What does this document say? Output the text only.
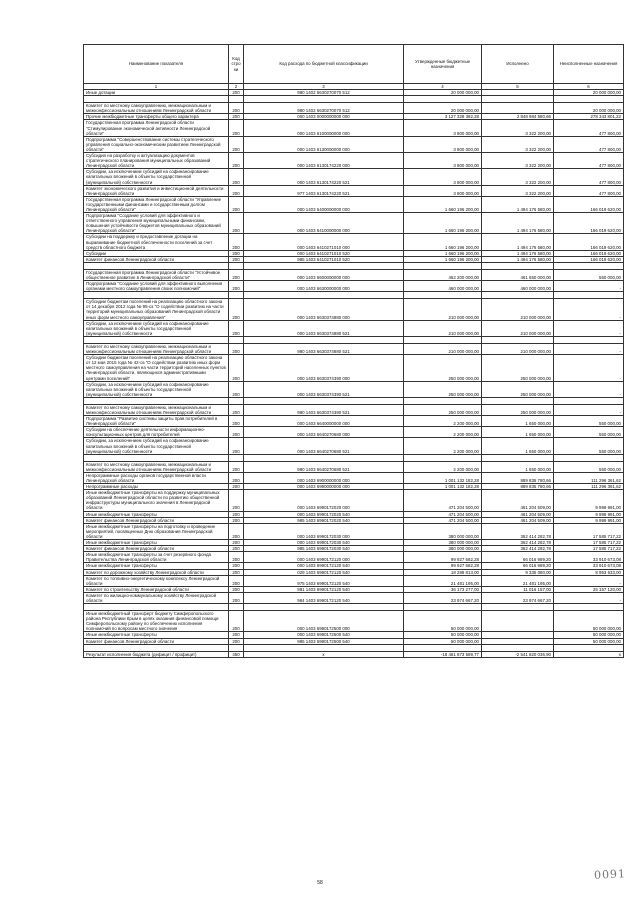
Наименование показателя	Код стро ки	Код расхода по бюджетной классификации	Утвержденные бюджетные назначения	Исполнено	Неисполненные назначения
1	2	3	4	5	6
Иные дотации	200	980 1402 6630270070 512	20 000 000,00		20 000 000,00

Комитет по местному самоуправлению, межнациональным и межконфессиональным отношениям Ленинградской области	200	980 1402 6630270070 512	20 000 000,00		20 000 000,00
Прочие межбюджетные трансферты общего характера	200	000 1403 0000000000 000	3 127 328 382,28	2 848 984 580,66	278 343 801,22
Государственная программа Ленинградской области "Стимулирование экономической активности Ленинградской области"	200	000 1403 6100000000 000	3 800 000,00	3 322 200,00	477 800,00
Подпрограмма "Совершенствование системы стратегического управления социально-экономическим развитием Ленинградской области"	200	000 1403 6130000000 000	3 800 000,00	3 322 200,00	477 800,00
Субсидия на разработку и актуализацию документов стратегического планирования муниципальных образований Ленинградской области	200	000 1403 6130174220 000	3 800 000,00	3 322 200,00	477 800,00
Субсидии, за исключением субсидий на софинансирование капитальных вложений в объекты государственной (муниципальной) собственности	200	000 1403 6130174220 521	3 800 000,00	3 322 200,00	477 800,00
Комитет экономического развития и инвестиционной деятельности Ленинградской области	200	977 1403 6130174220 521	3 800 000,00	3 322 200,00	477 800,00
Государственная программа Ленинградской области "Управление государственными финансами и государственным долгом Ленинградской области"	200	000 1403 6400000000 000	1 660 196 200,00	1 494 176 580,00	166 019 620,00
Подпрограмма "Создание условий для эффективного и ответственного управления муниципальными финансами, повышения устойчивости бюджетов муниципальных образований Ленинградской области"	200	000 1403 6410000000 000	1 660 196 200,00	1 494 176 580,00	166 019 620,00
Субсидии на поддержку и предоставление дотации на выравнивание бюджетной обеспеченности поселений за счет средств областного бюджета	200	000 1403 6410271010 000	1 660 196 200,00	1 494 176 580,00	166 019 620,00
Субсидии	200	000 1403 6410271010 520	1 660 196 200,00	1 494 176 580,00	166 019 620,00
Комитет финансов Ленинградской области	200	985 1403 6410271010 520	1 660 196 200,00	1 494 176 580,00	166 019 620,00

Государственная программа Ленинградской области "Устойчивое общественное развитие в Ленинградской области"	200	000 1403 6600000000 000	462 200 000,00	461 650 000,00	550 000,00
Подпрограмма "Создание условий для эффективного выполнения органами местного самоуправления своих полномочий"	200	000 1403 6630000000 000	460 000 000,00	460 000 000,00	-

Субсидии бюджетам поселений на реализацию областного закона от 14 декабря 2012 года № 95-оз "О содействии развитию на части территорий муниципальных образований Ленинградской области иных форм местного самоуправления"	200	000 1403 6630374880 000	210 000 000,00	210 000 000,00	-
Субсидии, за исключением субсидий на софинансирование капитальных вложений в объекты государственной (муниципальной) собственности	200	000 1403 6630374880 521	210 000 000,00	210 000 000,00	-

Комитет по местному самоуправлению, межнациональным и межконфессиональным отношениям Ленинградской области	200	980 1403 6630374880 521	210 000 000,00	210 000 000,00	-
Субсидии бюджетам поселений на реализацию областного закона от 12 мая 2015 года № 42-оз "О содействии развитию иных форм местного самоуправления на части территорий населенных пунктов Ленинградской области, являющихся административными центрами поселений"	200	000 1403 6630374390 000	250 000 000,00	250 000 000,00	-
Субсидии, за исключением субсидий на софинансирование капитальных вложений в объекты государственной (муниципальной) собственности	200	000 1403 6630374390 521	250 000 000,00	250 000 000,00	-

Комитет по местному самоуправлению, межнациональным и межконфессиональным отношениям Ленинградской области	200	980 1403 6630374390 521	250 000 000,00	250 000 000,00	-
Подпрограмма "Развитие системы защиты прав потребителей в Ленинградской области"	200	000 1403 6640000000 000	2 200 000,00	1 650 000,00	550 000,00
Субсидии на обеспечение деятельности информационно-консультационных центров для потребителей	200	000 1403 6640270680 000	2 200 000,00	1 650 000,00	550 000,00
Субсидии, за исключением субсидий на софинансирование капитальных вложений в объекты государственной (муниципальной) собственности	200	000 1403 6640270680 521	2 200 000,00	1 650 000,00	550 000,00

Комитет по местному самоуправлению, межнациональным и межконфессиональным отношениям Ленинградской области	200	980 1403 6640270680 521	2 200 000,00	1 650 000,00	550 000,00
Непрограммные расходы органов государственной власти Ленинградской области	200	000 1403 6900000000 000	1 001 132 182,28	889 835 780,66	111 296 361,62
Непрограммные расходы	200	000 1403 6990000000 000	1 001 132 182,28	889 835 780,66	111 296 361,62
Иные межбюджетные трансферты на поддержку муниципальных образований Ленинградской области по развитию общественной инфраструктуры муниципального значения в Ленинградской области	200	000 1403 6990172020 000	471 204 500,00	461 204 509,00	9 999 991,00
Иные межбюджетные трансферты	200	000 1403 6990172020 540	471 204 500,00	461 204 509,00	9 999 991,00
Комитет финансов Ленинградской области	200	985 1403 6990172020 540	471 204 500,00	461 204 509,00	9 999 991,00
Иные межбюджетные трансферты на подготовку и проведение мероприятий, посвященных Дню образования Ленинградской области	200	000 1403 6990172030 000	380 000 000,00	362 414 282,78	17 585 717,22
Иные межбюджетные трансферты	200	000 1403 6990172030 540	380 000 000,00	362 414 282,78	17 585 717,22
Комитет финансов Ленинградской области	200	985 1403 6990172030 540	380 000 000,00	362 414 282,78	17 585 717,22
Иные межбюджетные трансферты за счет резервного фонда Правительства Ленинградской области	200	000 1403 6990172120 000	99 927 682,28	66 016 989,20	33 910 673,08
Иные межбюджетные трансферты	200	000 1403 6990172120 540	99 927 682,28	66 016 989,20	33 910 673,08
Комитет по дорожному хозяйству Ленинградской области	200	029 1403 6990172120 540	18 288 813,00	9 335 080,00	8 953 633,00
Комитет по топливно-энергетическому комплексу Ленинградской области	200	975 1403 6990172120 540	21 481 195,00	21 481 195,00	-
Комитет по строительству Ленинградской области	200	981 1403 6990172120 540	36 173 277,00	11 016 157,00	25 157 120,00
Комитет по жилищно-коммунальному хозяйству Ленинградской области	200	984 1403 6990172120 540	23 974 667,20	23 974 667,20	-

Иные межбюджетный трансферт бюджету Симферопольского района Республики Крым в целях оказания финансовой помощи Симферопольскому району по обеспечению исполнения полномочий по вопросам местного значения	200	000 1403 6990172500 000	50 000 000,00		50 000 000,00
Иные межбюджетные трансферты	200	000 1403 6990172500 540	50 000 000,00		50 000 000,00
Комитет финансов Ленинградской области	200	985 1403 6990172500 540	50 000 000,00		50 000 000,00

Результат исполнения бюджета (дефицит / профицит)	450	x	-18 461 873 589,77	-2 541 820 036,90	x
58
0091
